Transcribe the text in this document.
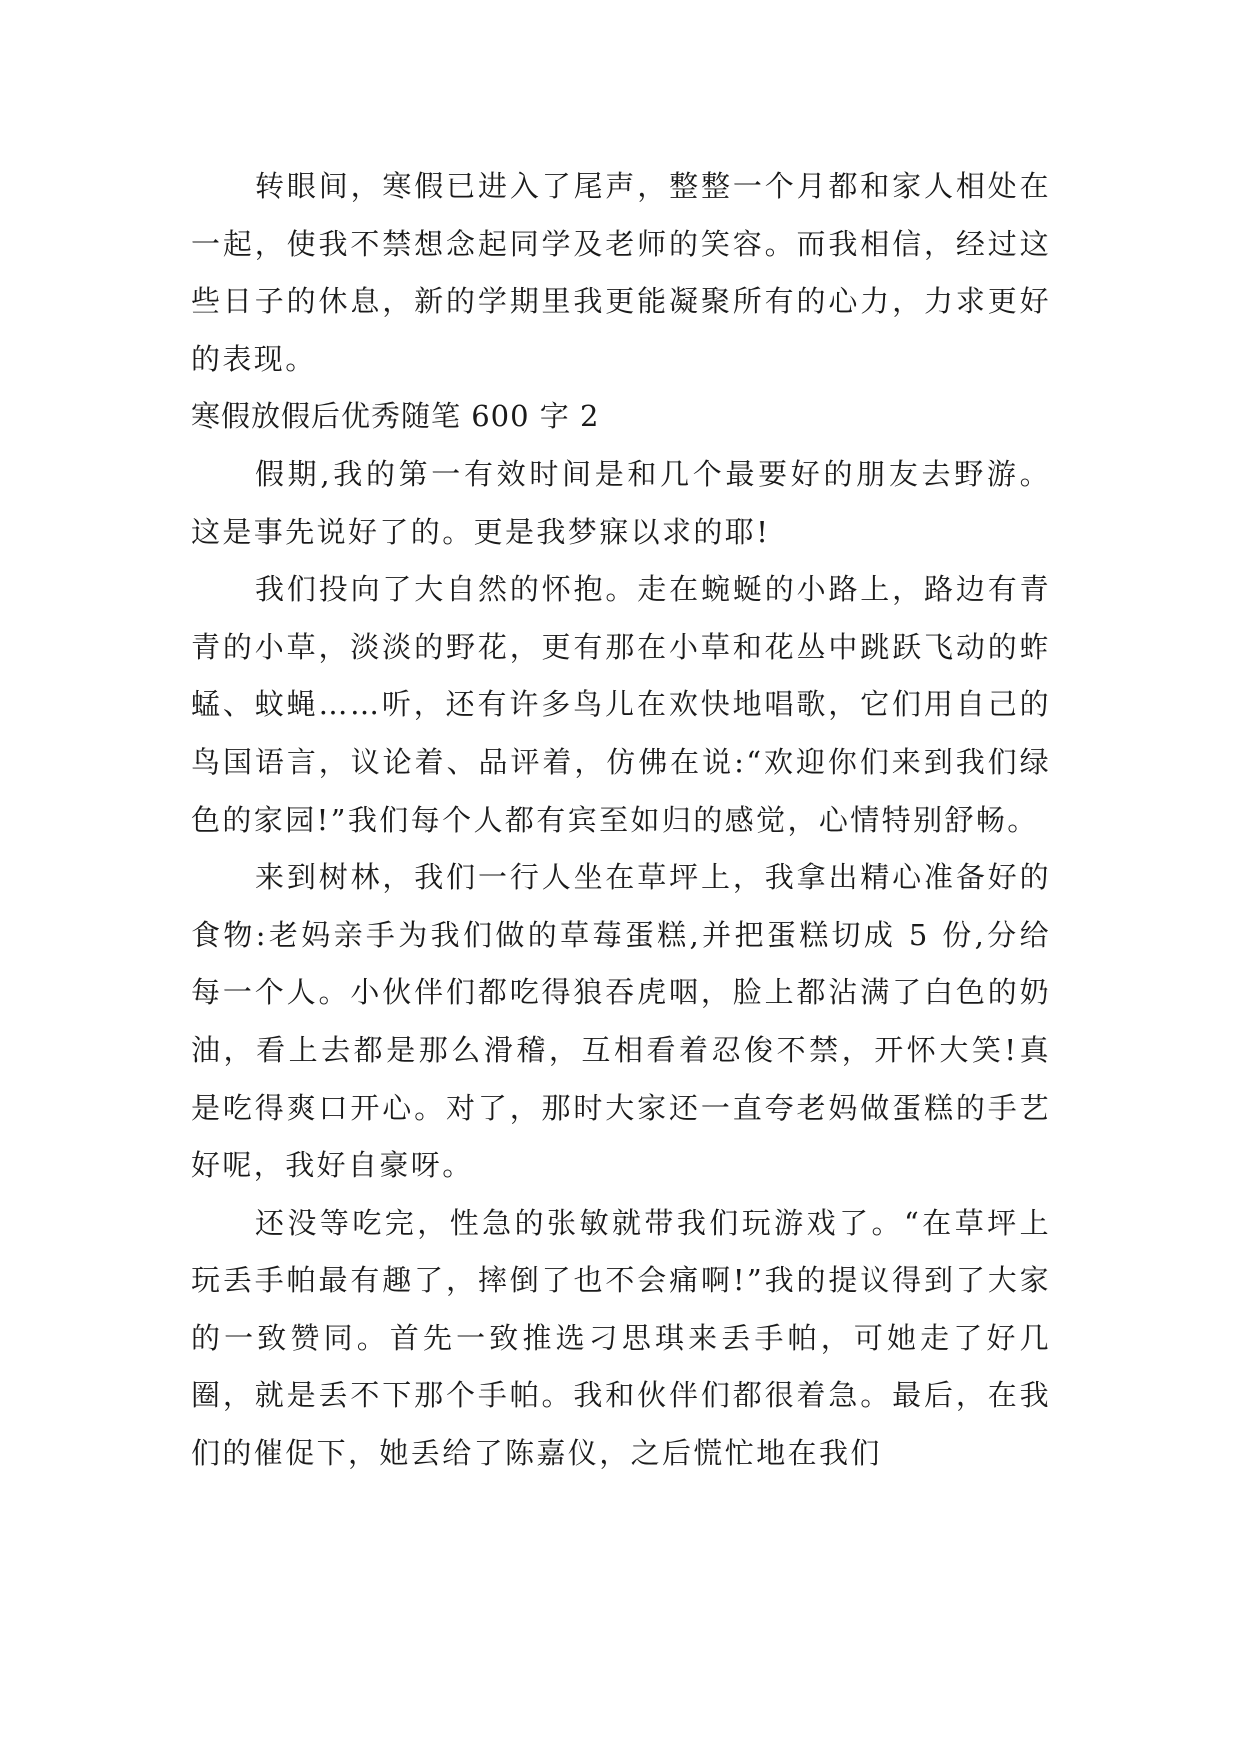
转眼间，寒假已进入了尾声，整整一个月都和家人相处在一起，使我不禁想念起同学及老师的笑容。而我相信，经过这些日子的休息，新的学期里我更能凝聚所有的心力，力求更好的表现。

寒假放假后优秀随笔 600 字 2

假期,我的第一有效时间是和几个最要好的朋友去野游。这是事先说好了的。更是我梦寐以求的耶!

我们投向了大自然的怀抱。走在蜿蜒的小路上，路边有青青的小草，淡淡的野花，更有那在小草和花丛中跳跃飞动的蚱蜢、蚊蝇……听，还有许多鸟儿在欢快地唱歌，它们用自己的鸟国语言，议论着、品评着，仿佛在说:“欢迎你们来到我们绿色的家园!”我们每个人都有宾至如归的感觉，心情特别舒畅。

来到树林，我们一行人坐在草坪上，我拿出精心准备好的食物:老妈亲手为我们做的草莓蛋糕,并把蛋糕切成 5 份,分给每一个人。小伙伴们都吃得狼吞虎咽，脸上都沾满了白色的奶油，看上去都是那么滑稽，互相看着忍俊不禁，开怀大笑!真是吃得爽口开心。对了，那时大家还一直夸老妈做蛋糕的手艺好呢，我好自豪呀。

还没等吃完，性急的张敏就带我们玩游戏了。“在草坪上玩丢手帕最有趣了，摔倒了也不会痛啊!”我的提议得到了大家的一致赞同。首先一致推选刁思琪来丢手帕，可她走了好几圈，就是丢不下那个手帕。我和伙伴们都很着急。最后，在我们的催促下，她丢给了陈嘉仪，之后慌忙地在我们
